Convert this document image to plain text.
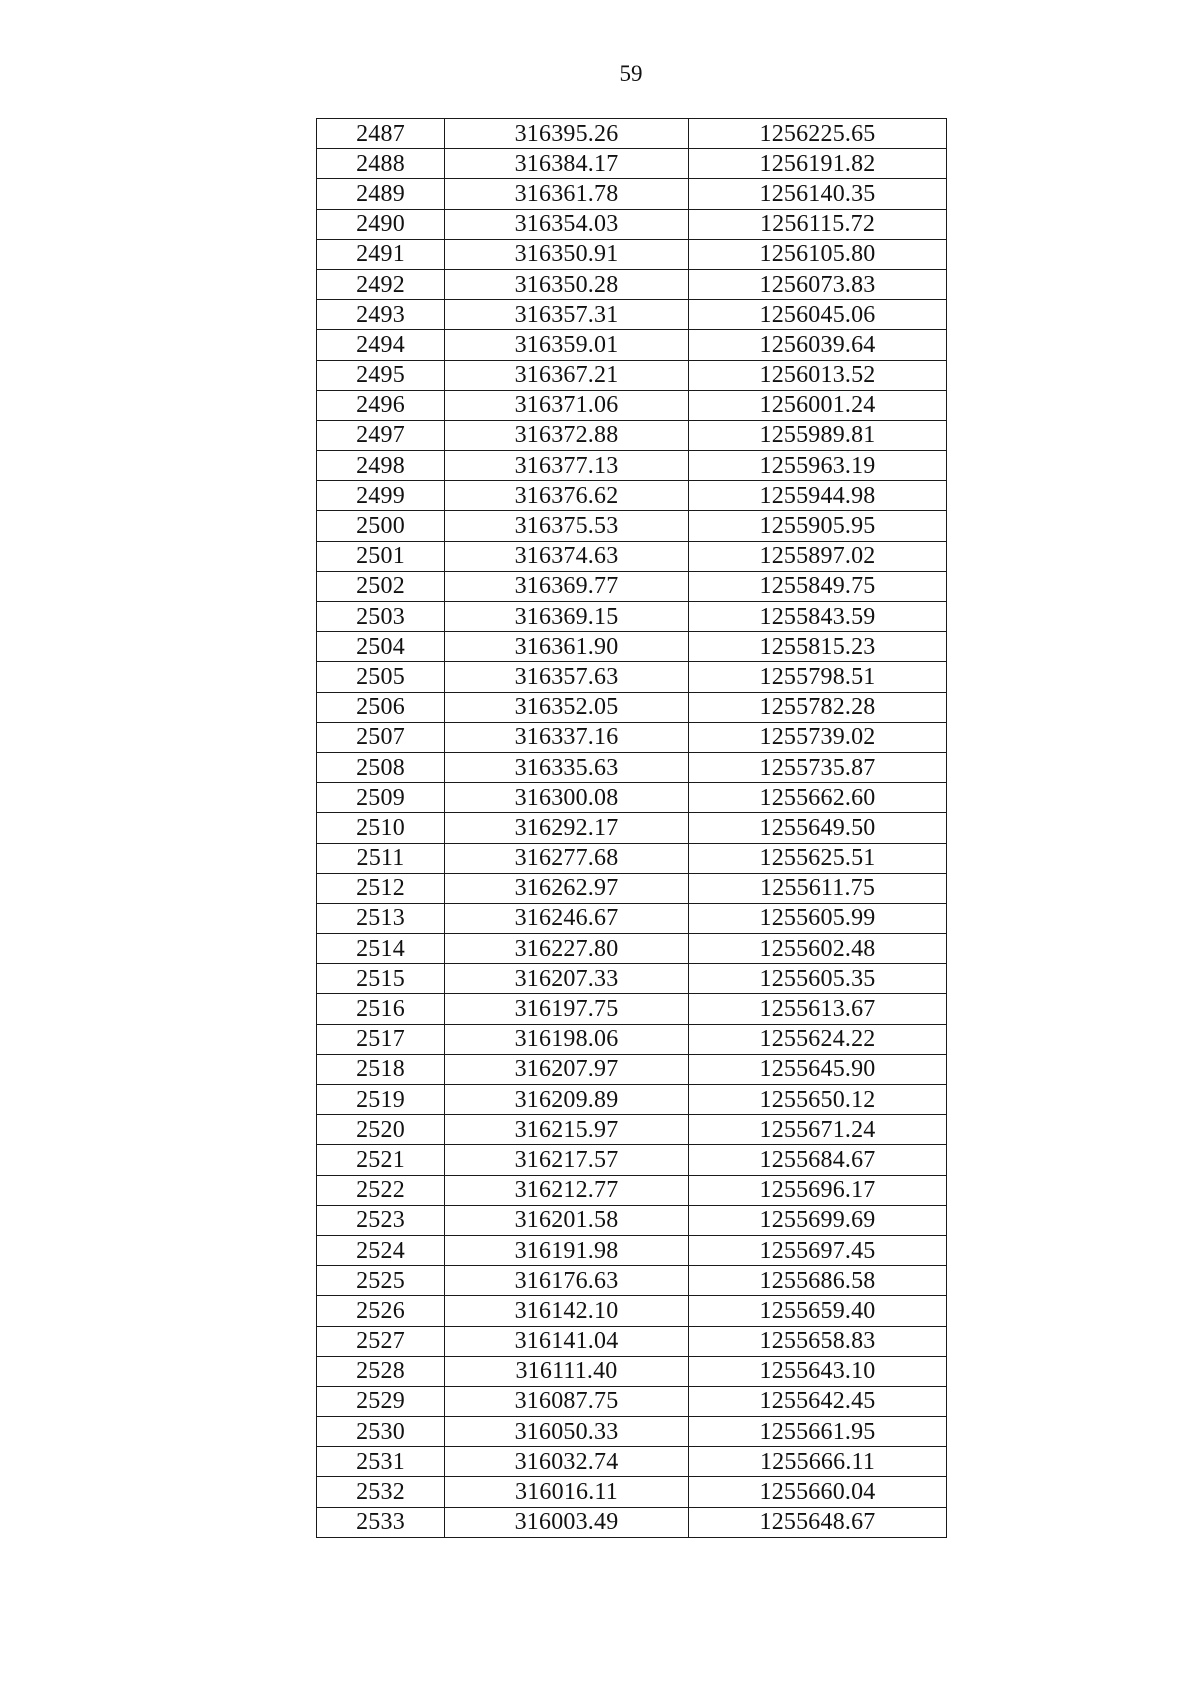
59
2487	316395.26	1256225.65
2488	316384.17	1256191.82
2489	316361.78	1256140.35
2490	316354.03	1256115.72
2491	316350.91	1256105.80
2492	316350.28	1256073.83
2493	316357.31	1256045.06
2494	316359.01	1256039.64
2495	316367.21	1256013.52
2496	316371.06	1256001.24
2497	316372.88	1255989.81
2498	316377.13	1255963.19
2499	316376.62	1255944.98
2500	316375.53	1255905.95
2501	316374.63	1255897.02
2502	316369.77	1255849.75
2503	316369.15	1255843.59
2504	316361.90	1255815.23
2505	316357.63	1255798.51
2506	316352.05	1255782.28
2507	316337.16	1255739.02
2508	316335.63	1255735.87
2509	316300.08	1255662.60
2510	316292.17	1255649.50
2511	316277.68	1255625.51
2512	316262.97	1255611.75
2513	316246.67	1255605.99
2514	316227.80	1255602.48
2515	316207.33	1255605.35
2516	316197.75	1255613.67
2517	316198.06	1255624.22
2518	316207.97	1255645.90
2519	316209.89	1255650.12
2520	316215.97	1255671.24
2521	316217.57	1255684.67
2522	316212.77	1255696.17
2523	316201.58	1255699.69
2524	316191.98	1255697.45
2525	316176.63	1255686.58
2526	316142.10	1255659.40
2527	316141.04	1255658.83
2528	316111.40	1255643.10
2529	316087.75	1255642.45
2530	316050.33	1255661.95
2531	316032.74	1255666.11
2532	316016.11	1255660.04
2533	316003.49	1255648.67
